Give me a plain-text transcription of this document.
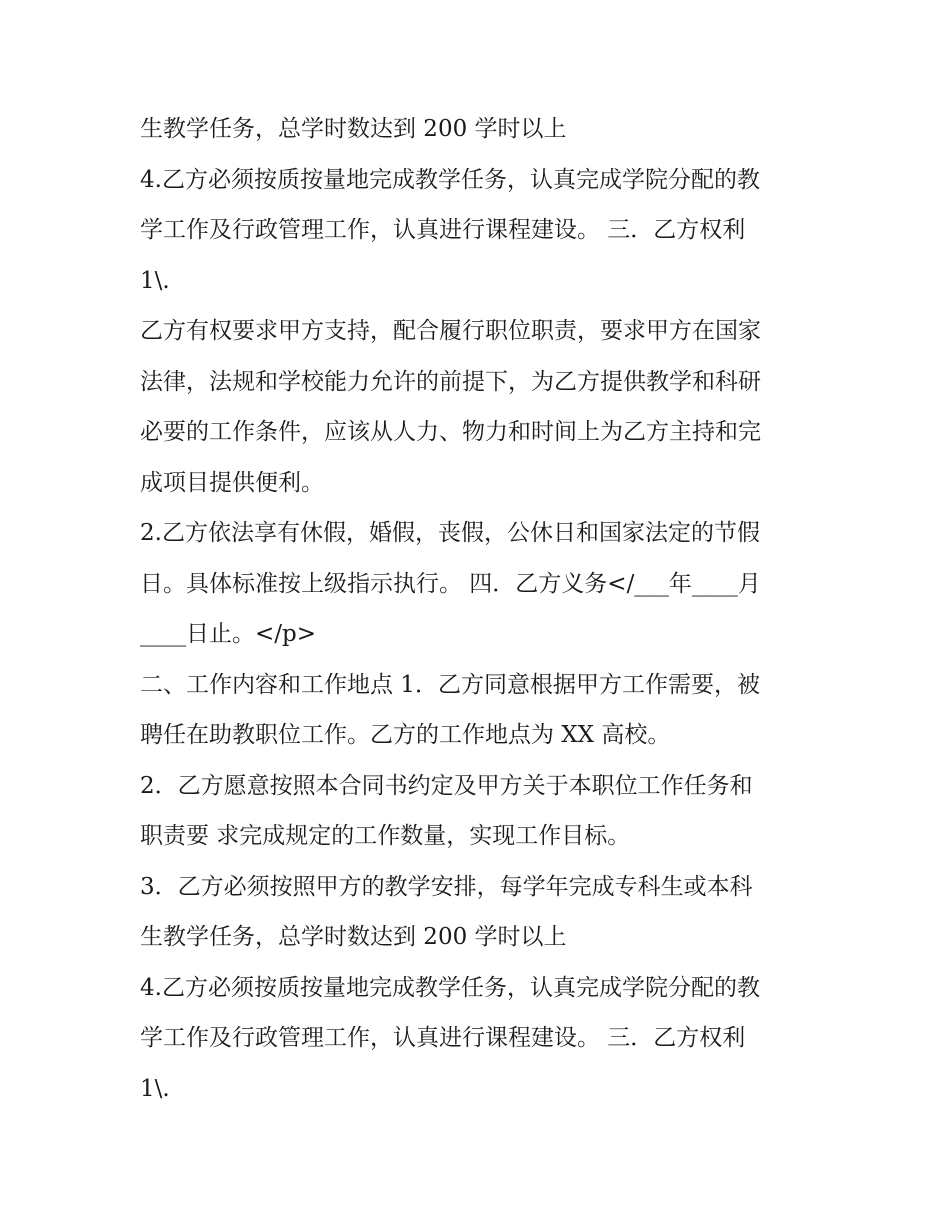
生教学任务，总学时数达到 200 学时以上
4.乙方必须按质按量地完成教学任务，认真完成学院分配的教
学工作及行政管理工作，认真进行课程建设。 三．乙方权利
1\.
乙方有权要求甲方支持，配合履行职位职责，要求甲方在国家
法律，法规和学校能力允许的前提下，为乙方提供教学和科研
必要的工作条件，应该从人力、物力和时间上为乙方主持和完
成项目提供便利。
2.乙方依法享有休假，婚假，丧假，公休日和国家法定的节假
日。具体标准按上级指示执行。 四．乙方义务</___年____月
____日止。</p>
二、工作内容和工作地点 1．乙方同意根据甲方工作需要，被
聘任在助教职位工作。乙方的工作地点为 XX 高校。
2．乙方愿意按照本合同书约定及甲方关于本职位工作任务和
职责要 求完成规定的工作数量，实现工作目标。
3．乙方必须按照甲方的教学安排，每学年完成专科生或本科
生教学任务，总学时数达到 200 学时以上
4.乙方必须按质按量地完成教学任务，认真完成学院分配的教
学工作及行政管理工作，认真进行课程建设。 三．乙方权利
1\.
